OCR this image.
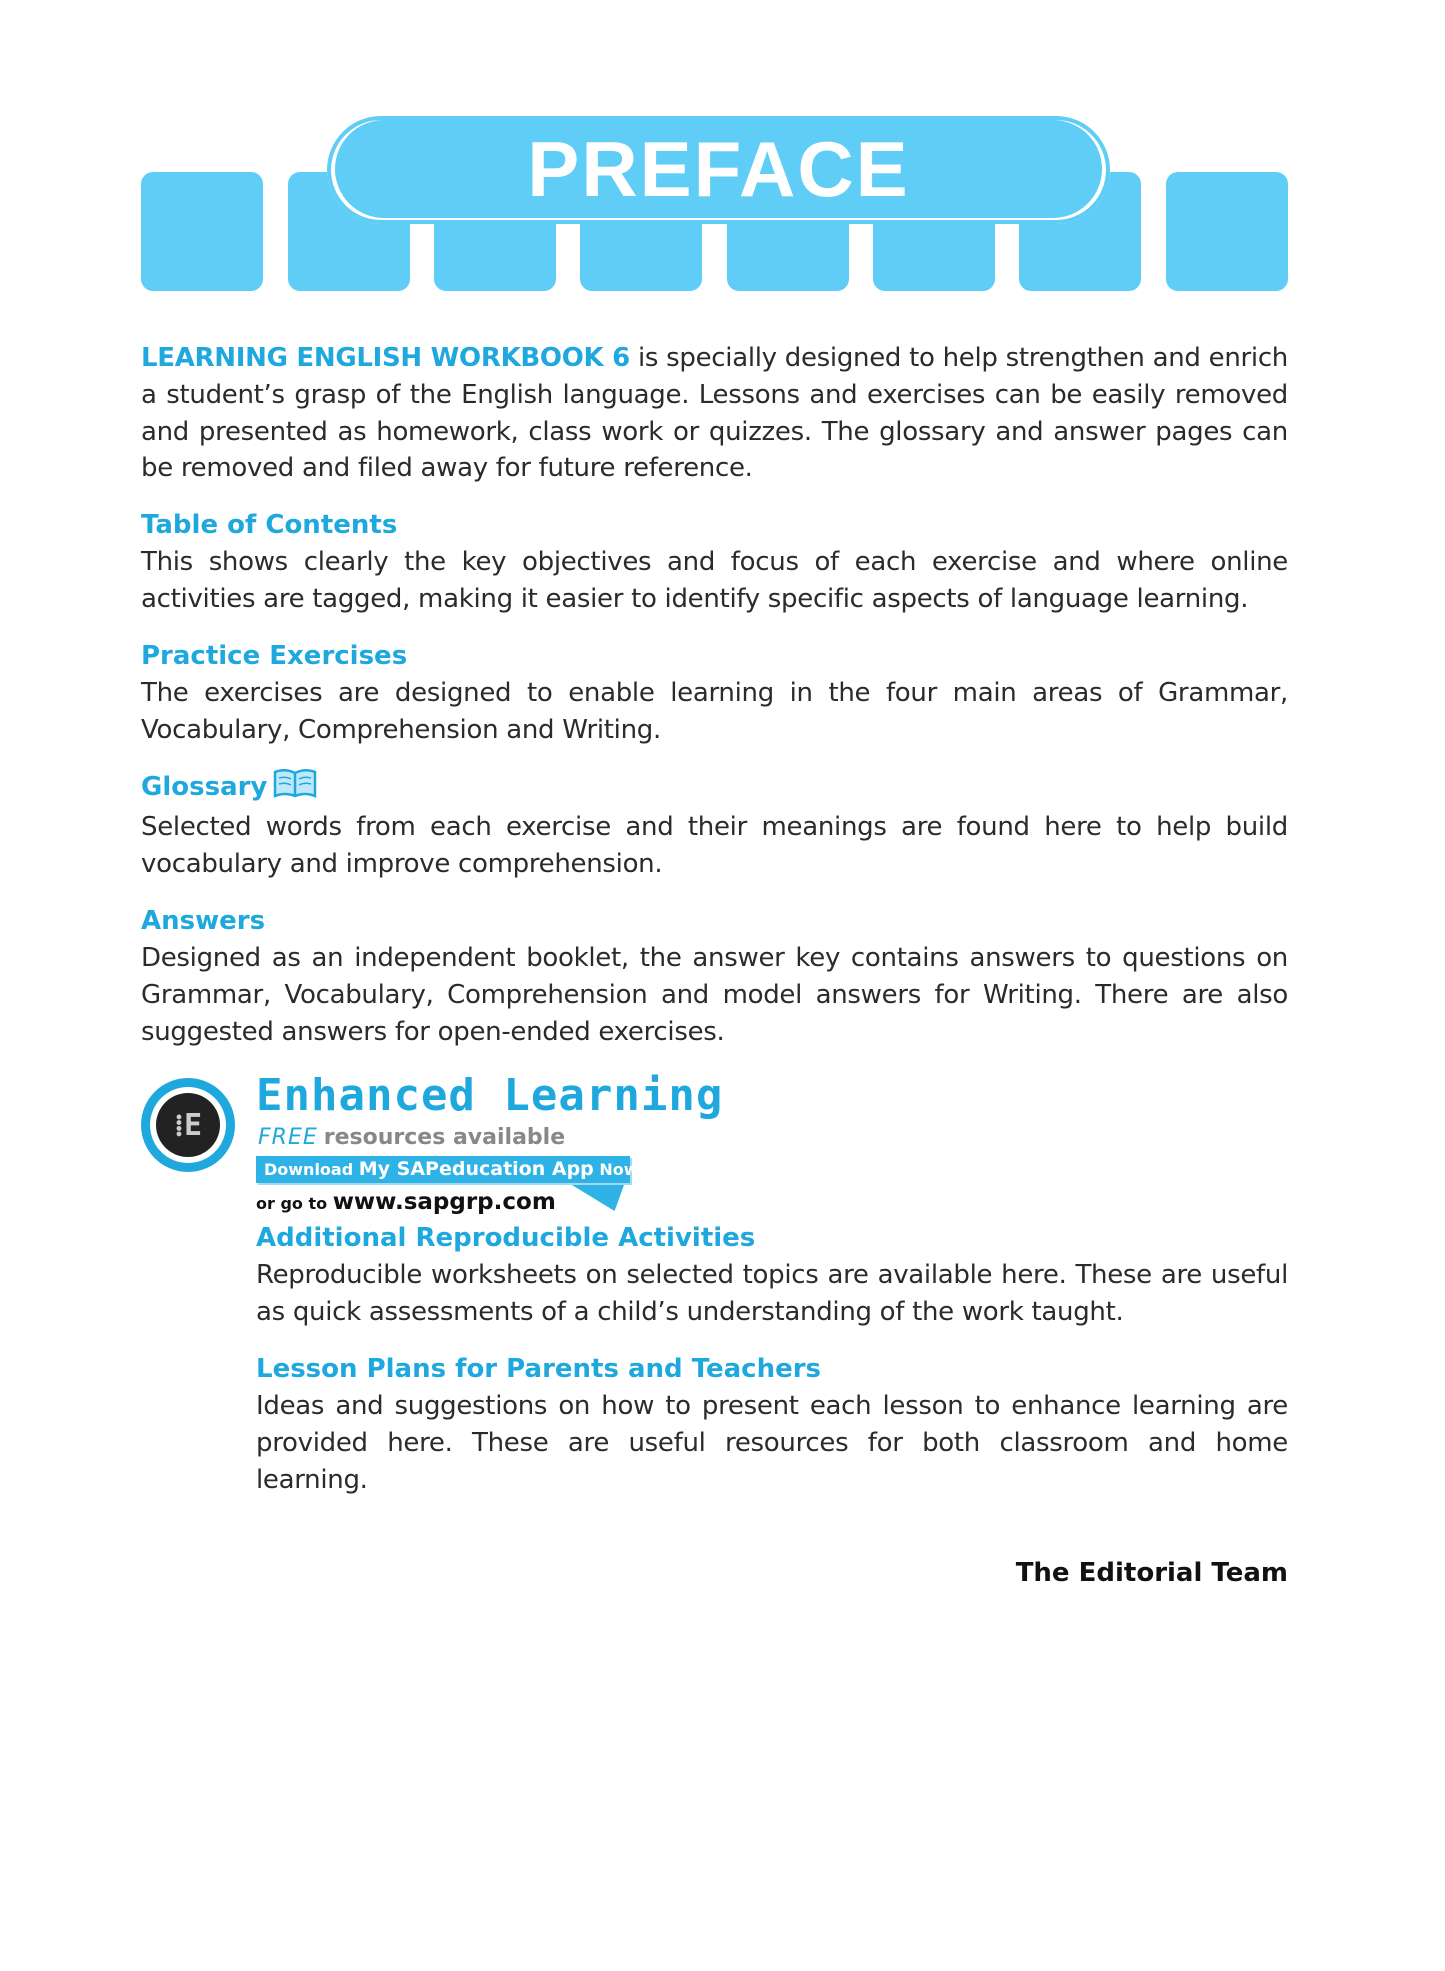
PREFACE
LEARNING ENGLISH WORKBOOK 6 is specially designed to help strengthen and enrich a student’s grasp of the English language. Lessons and exercises can be easily removed and presented as homework, class work or quizzes. The glossary and answer pages can be removed and filed away for future reference.
Table of Contents
This shows clearly the key objectives and focus of each exercise and where online activities are tagged, making it easier to identify specific aspects of language learning.
Practice Exercises
The exercises are designed to enable learning in the four main areas of Grammar, Vocabulary, Comprehension and Writing.
Glossary
Selected words from each exercise and their meanings are found here to help build vocabulary and improve comprehension.
Answers
Designed as an independent booklet, the answer key contains answers to questions on Grammar, Vocabulary, Comprehension and model answers for Writing. There are also suggested answers for open-ended exercises.
⁞E
Enhanced Learning
FREE resources available
Download My SAPeducation App Now!
or go to www.sapgrp.com
Additional Reproducible Activities
Reproducible worksheets on selected topics are available here. These are useful as quick assessments of a child’s understanding of the work taught.
Lesson Plans for Parents and Teachers
Ideas and suggestions on how to present each lesson to enhance learning are provided here. These are useful resources for both classroom and home learning.
The Editorial Team
